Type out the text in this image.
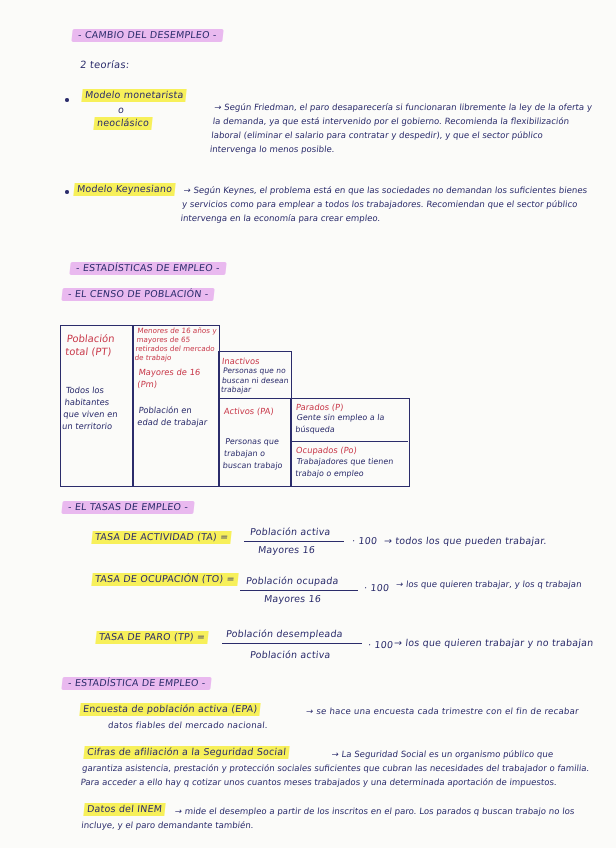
- CAMBIO DEL DESEMPLEO -
2 teorías:
Modelo monetarista
o
neoclásico
→ Según Friedman, el paro desaparecería si funcionaran libremente la ley de la oferta y la demanda, ya que está intervenido por el gobierno. Recomienda la flexibilización laboral (eliminar el salario para contratar y despedir), y que el sector público intervenga lo menos posible.
Modelo Keynesiano	→ Según Keynes, el problema está en que las sociedades no demandan los suficientes bienes y servicios como para emplear a todos los trabajadores. Recomiendan que el sector público intervenga en la economía para crear empleo.
- ESTADÍSTICAS DE EMPLEO -
- EL CENSO DE POBLACIÓN -
Población total (PT)
Todos los habitantes que viven en un territorio
Menores de 16 años y mayores de 65 retirados del mercado de trabajo
Mayores de 16 (Pm)
Población en edad de trabajar
Inactivos
Personas que no buscan ni desean trabajar
Activos (PA)
Personas que trabajan o buscan trabajo
Parados (P)
Gente sin empleo a la búsqueda
Ocupados (Po)
Trabajadores que tienen trabajo o empleo
- EL TASAS DE EMPLEO -
TASA DE ACTIVIDAD (TA) =	Población activa
Mayores 16
· 100 → todos los que pueden trabajar.
TASA DE OCUPACIÓN (TO) =	Población ocupada
Mayores 16
· 100 → los que quieren trabajar, y los q trabajan
TASA DE PARO (TP) =	Población desempleada
Población activa
· 100 → los que quieren trabajar y no trabajan
- ESTADÍSTICA DE EMPLEO -
Encuesta de población activa (EPA)	→ se hace una encuesta cada trimestre con el fin de recabar
datos fiables del mercado nacional.
Cifras de afiliación a la Seguridad Social	→ La Seguridad Social es un organismo público que garantiza asistencia, prestación y protección sociales suficientes que cubran las necesidades del trabajador o familia. Para acceder a ello hay q cotizar unos cuantos meses trabajados y una determinada aportación de impuestos.
Datos del INEM	→ mide el desempleo a partir de los inscritos en el paro. Los parados q buscan trabajo no los incluye, y el paro demandante también.
